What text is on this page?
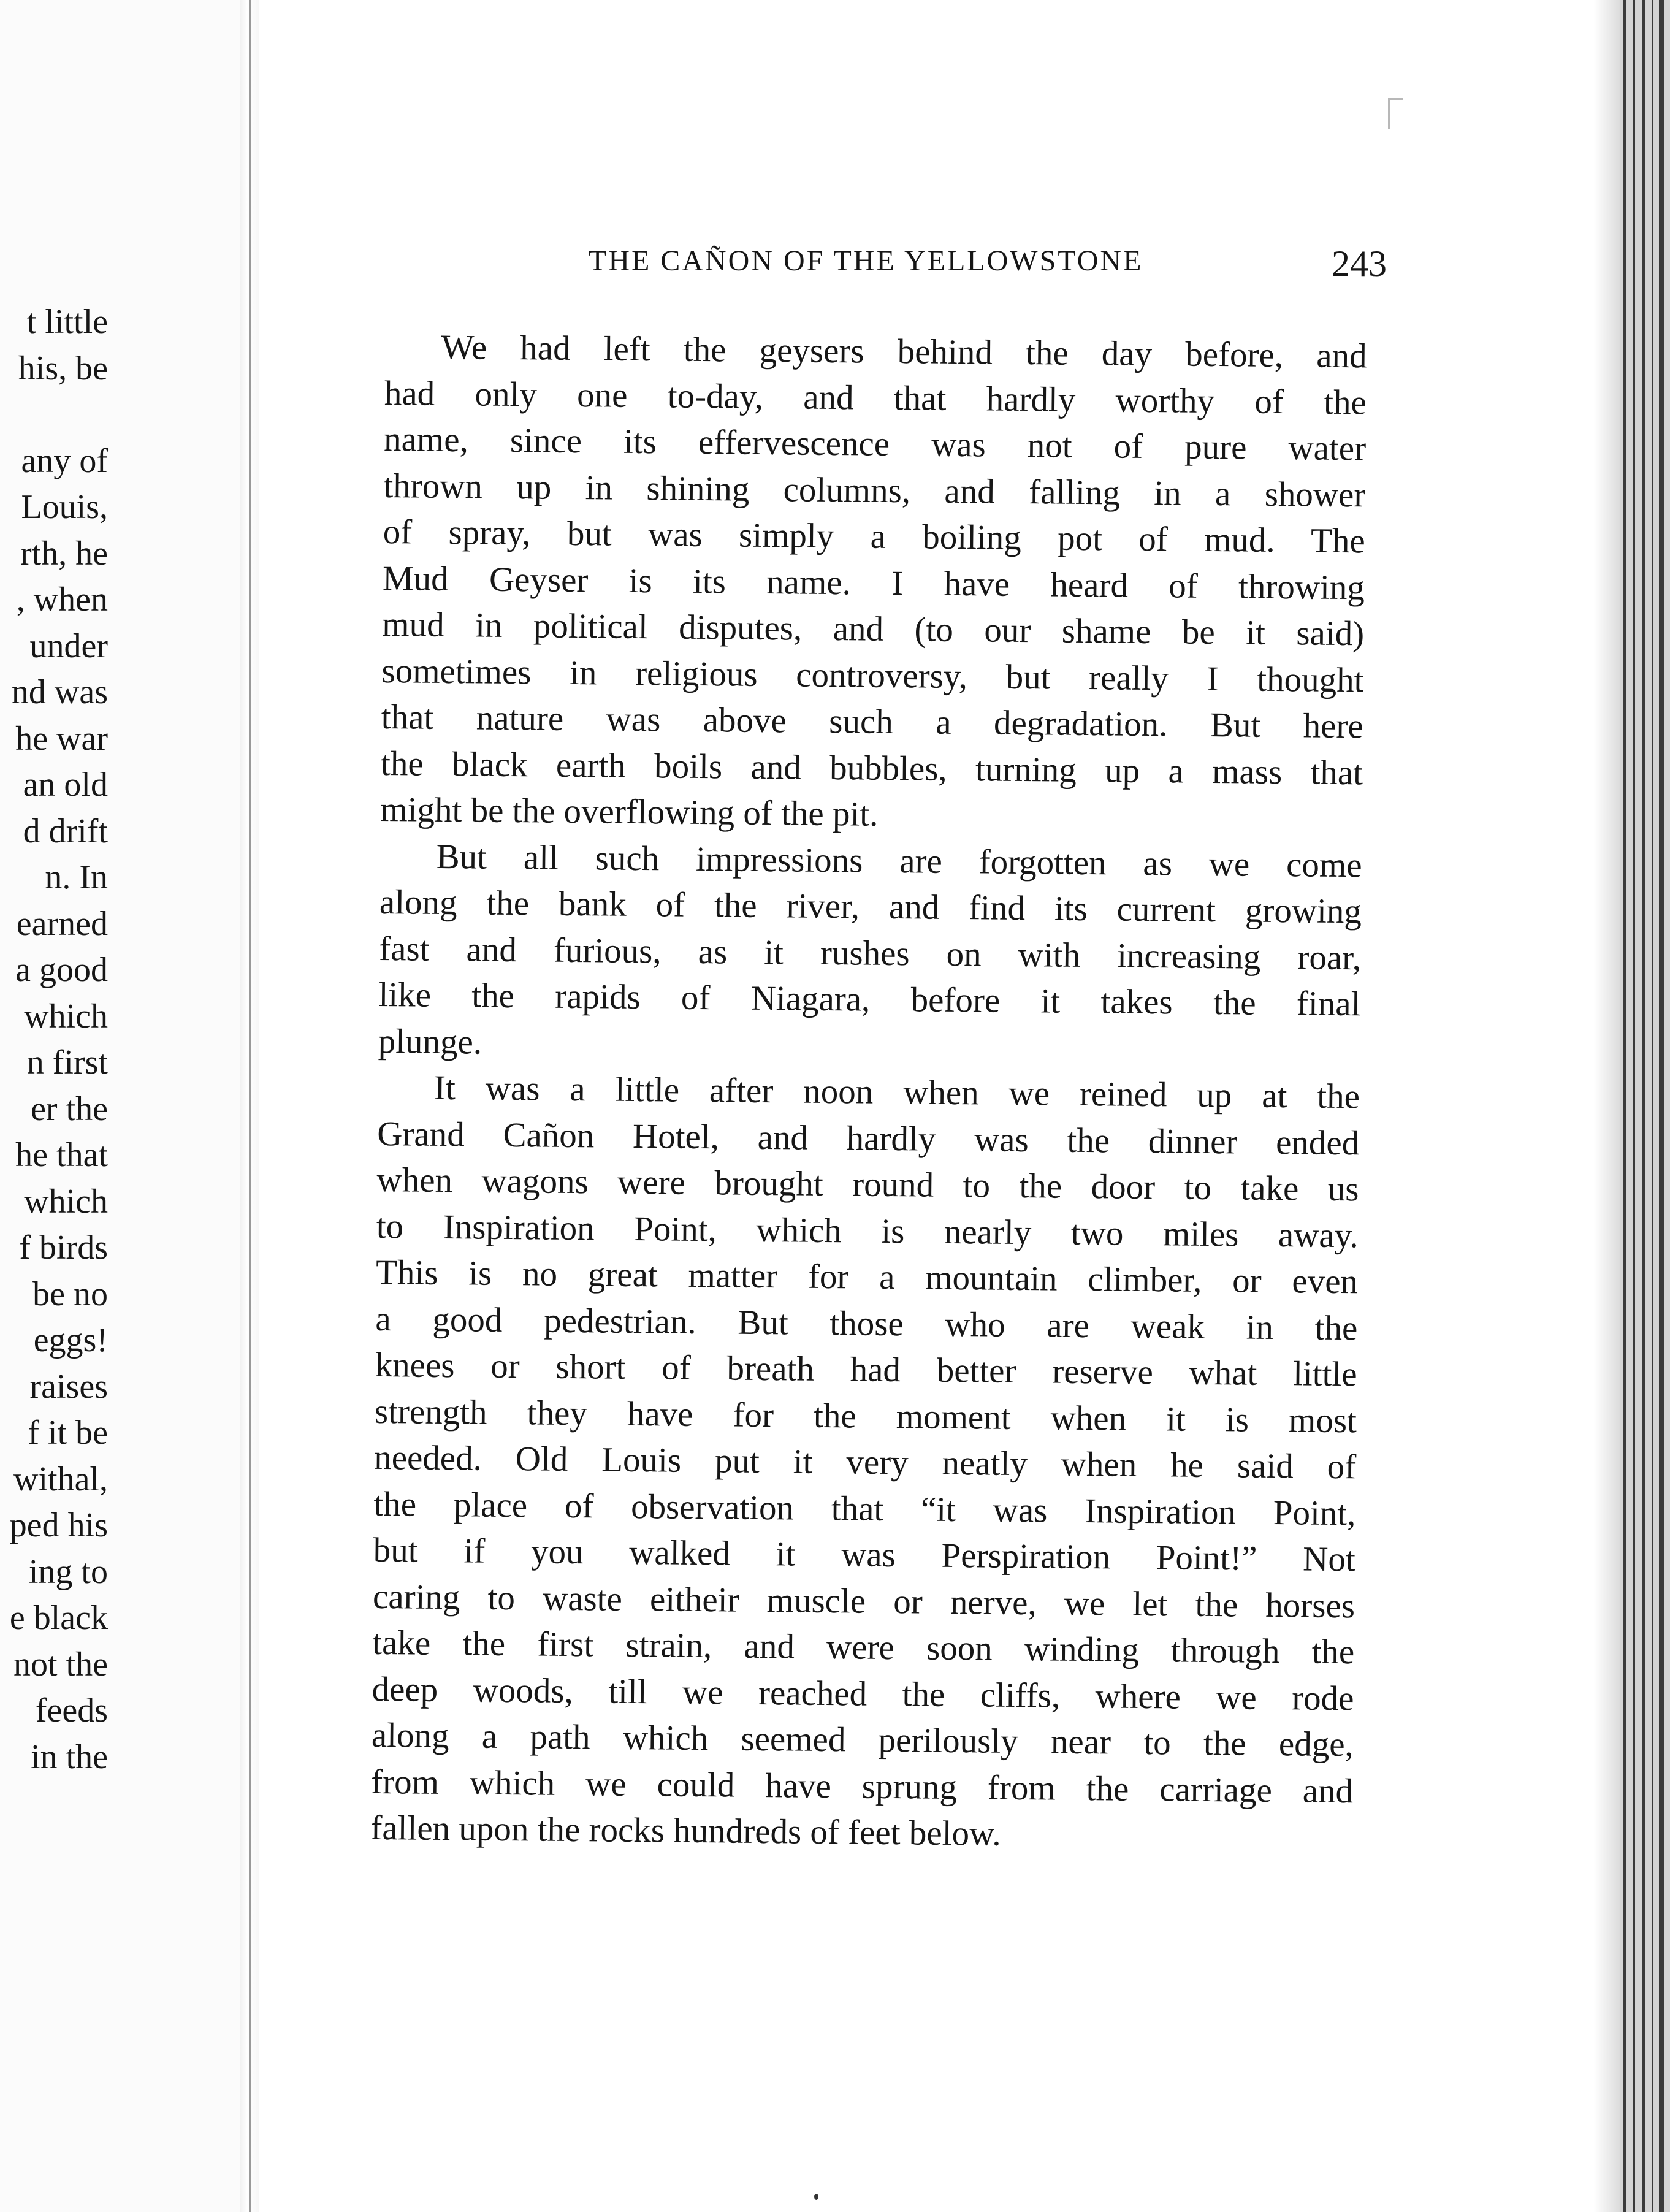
t little
his, be
any of
Louis,
rth, he
, when
under
nd was
he war
an old
d drift
n. In
earned
a good
which
n first
er the
he that
which
f birds
be no
eggs!
raises
f it be
withal,
ped his
ing to
e black
not the
feeds
in the
THE CAÑON OF THE YELLOWSTONE	243
We had left the geysers behind the day before, and
had only one to-day, and that hardly worthy of the
name, since its effervescence was not of pure water
thrown up in shining columns, and falling in a shower
of spray, but was simply a boiling pot of mud. The
Mud Geyser is its name. I have heard of throwing
mud in political disputes, and (to our shame be it said)
sometimes in religious controversy, but really I thought
that nature was above such a degradation. But here
the black earth boils and bubbles, turning up a mass that
might be the overflowing of the pit.
But all such impressions are forgotten as we come
along the bank of the river, and find its current growing
fast and furious, as it rushes on with increasing roar,
like the rapids of Niagara, before it takes the final
plunge.
It was a little after noon when we reined up at the
Grand Cañon Hotel, and hardly was the dinner ended
when wagons were brought round to the door to take us
to Inspiration Point, which is nearly two miles away.
This is no great matter for a mountain climber, or even
a good pedestrian. But those who are weak in the
knees or short of breath had better reserve what little
strength they have for the moment when it is most
needed. Old Louis put it very neatly when he said of
the place of observation that “it was Inspiration Point,
but if you walked it was Perspiration Point!” Not
caring to waste eitheir muscle or nerve, we let the horses
take the first strain, and were soon winding through the
deep woods, till we reached the cliffs, where we rode
along a path which seemed perilously near to the edge,
from which we could have sprung from the carriage and
fallen upon the rocks hundreds of feet below.
